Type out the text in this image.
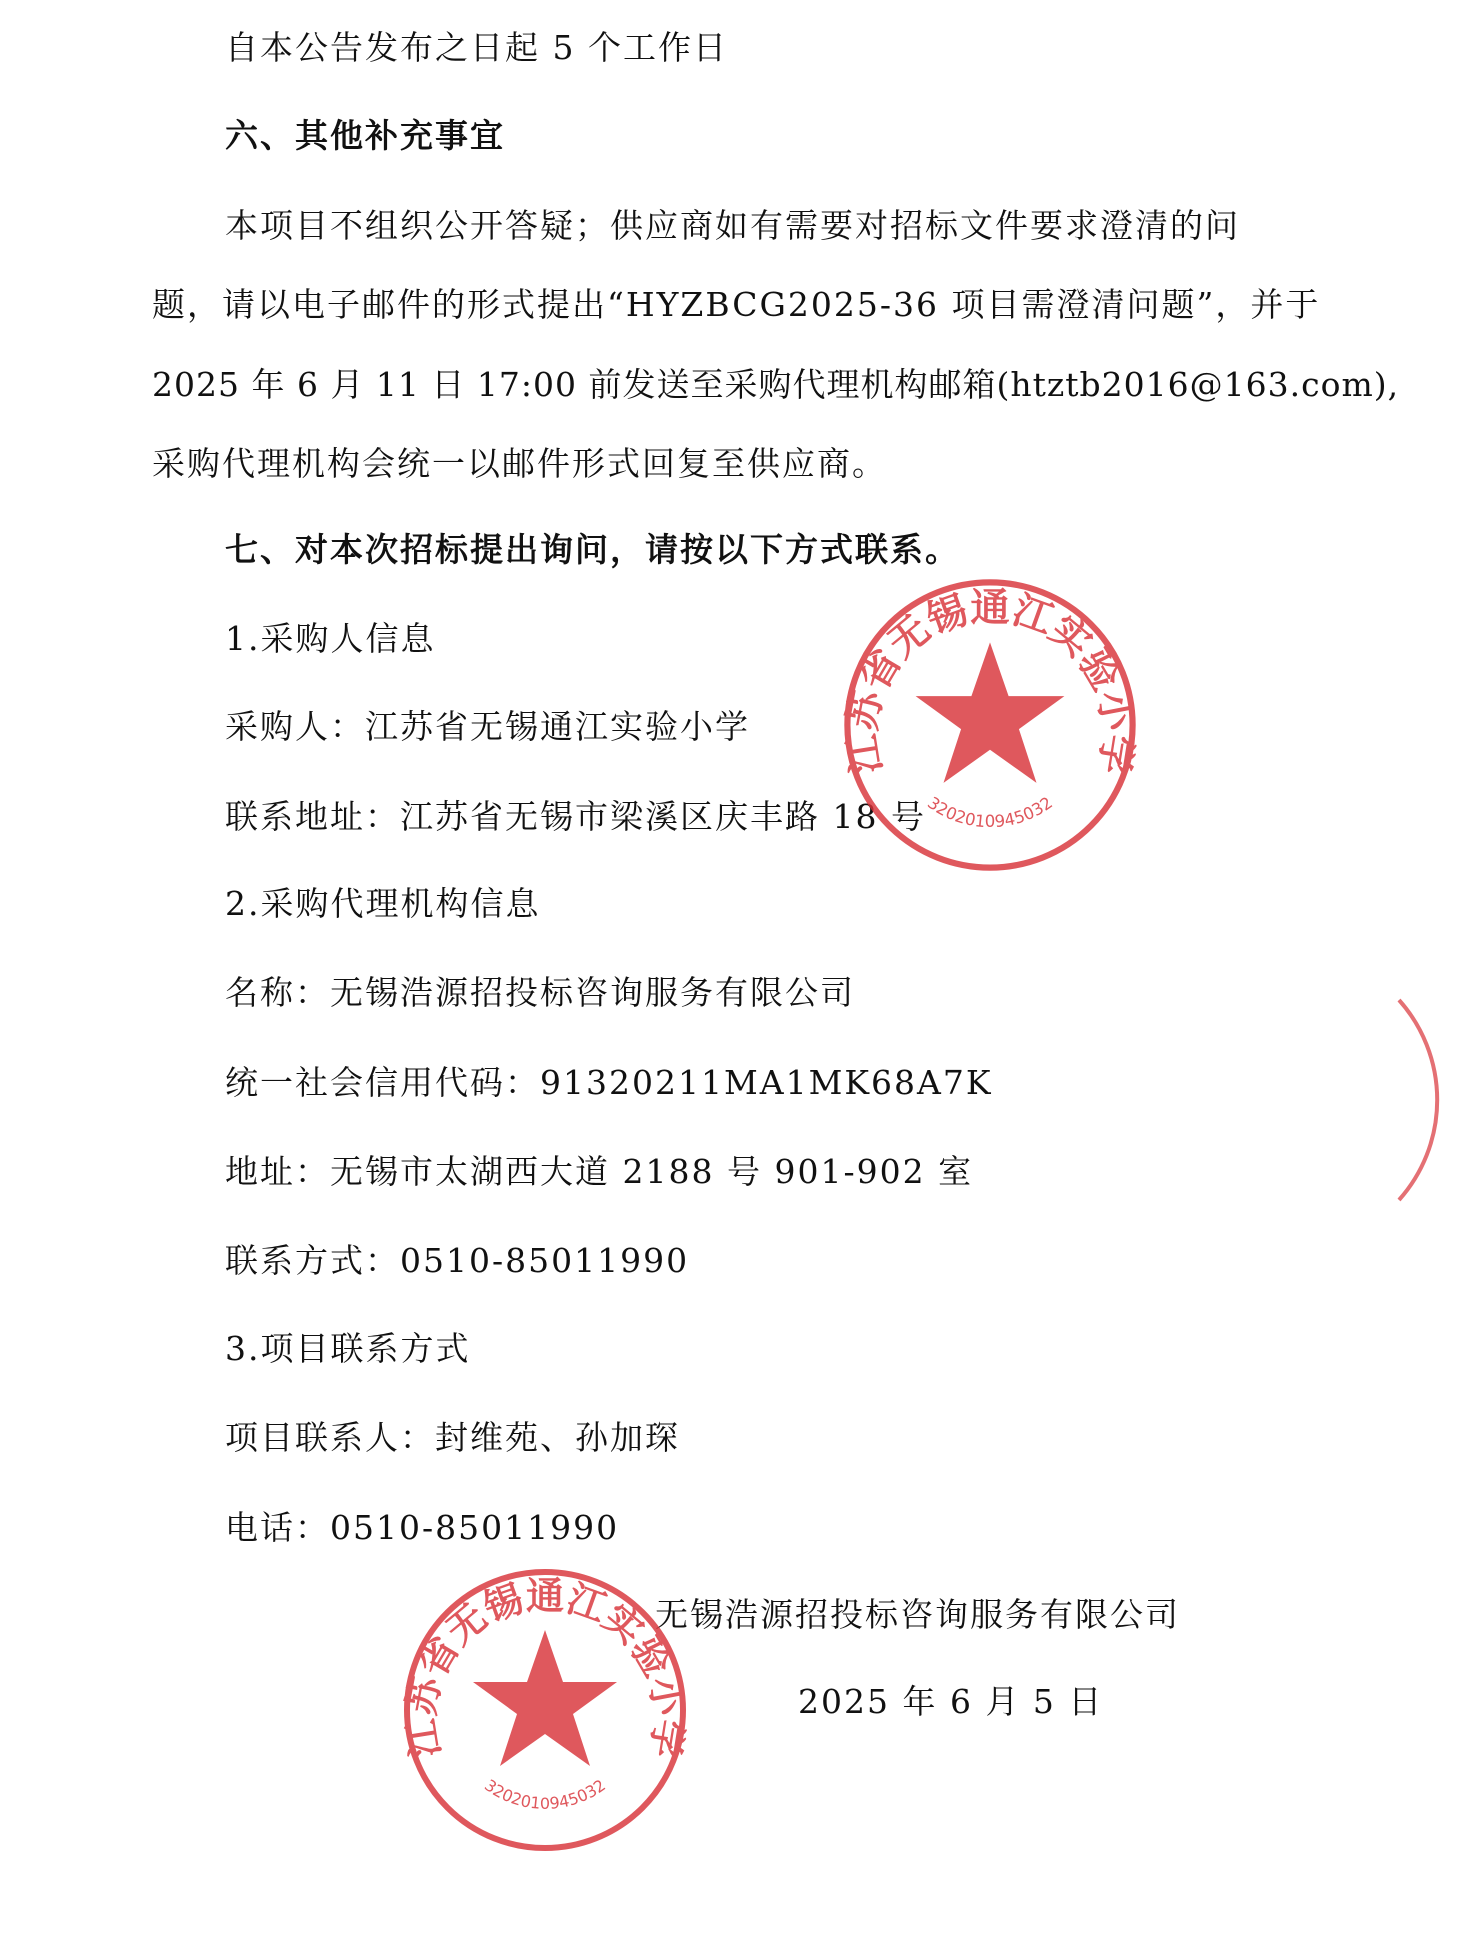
自本公告发布之日起 5 个工作日
六、其他补充事宜
本项目不组织公开答疑；供应商如有需要对招标文件要求澄清的问
题，请以电子邮件的形式提出“HYZBCG2025-36 项目需澄清问题”，并于
2025 年 6 月 11 日 17:00 前发送至采购代理机构邮箱(htztb2016@163.com),
采购代理机构会统一以邮件形式回复至供应商。
七、对本次招标提出询问，请按以下方式联系。
1.采购人信息
采购人：江苏省无锡通江实验小学
联系地址：江苏省无锡市梁溪区庆丰路 18 号
2.采购代理机构信息
名称：无锡浩源招投标咨询服务有限公司
统一社会信用代码：91320211MA1MK68A7K
地址：无锡市太湖西大道 2188 号 901-902 室
联系方式：0510-85011990
3.项目联系方式
项目联系人：封维苑、孙加琛
电话：0510-85011990
无锡浩源招投标咨询服务有限公司
2025 年 6 月 5 日
江苏省无锡通江实验小学
3202010945032
江苏省无锡通江实验小学
3202010945032
